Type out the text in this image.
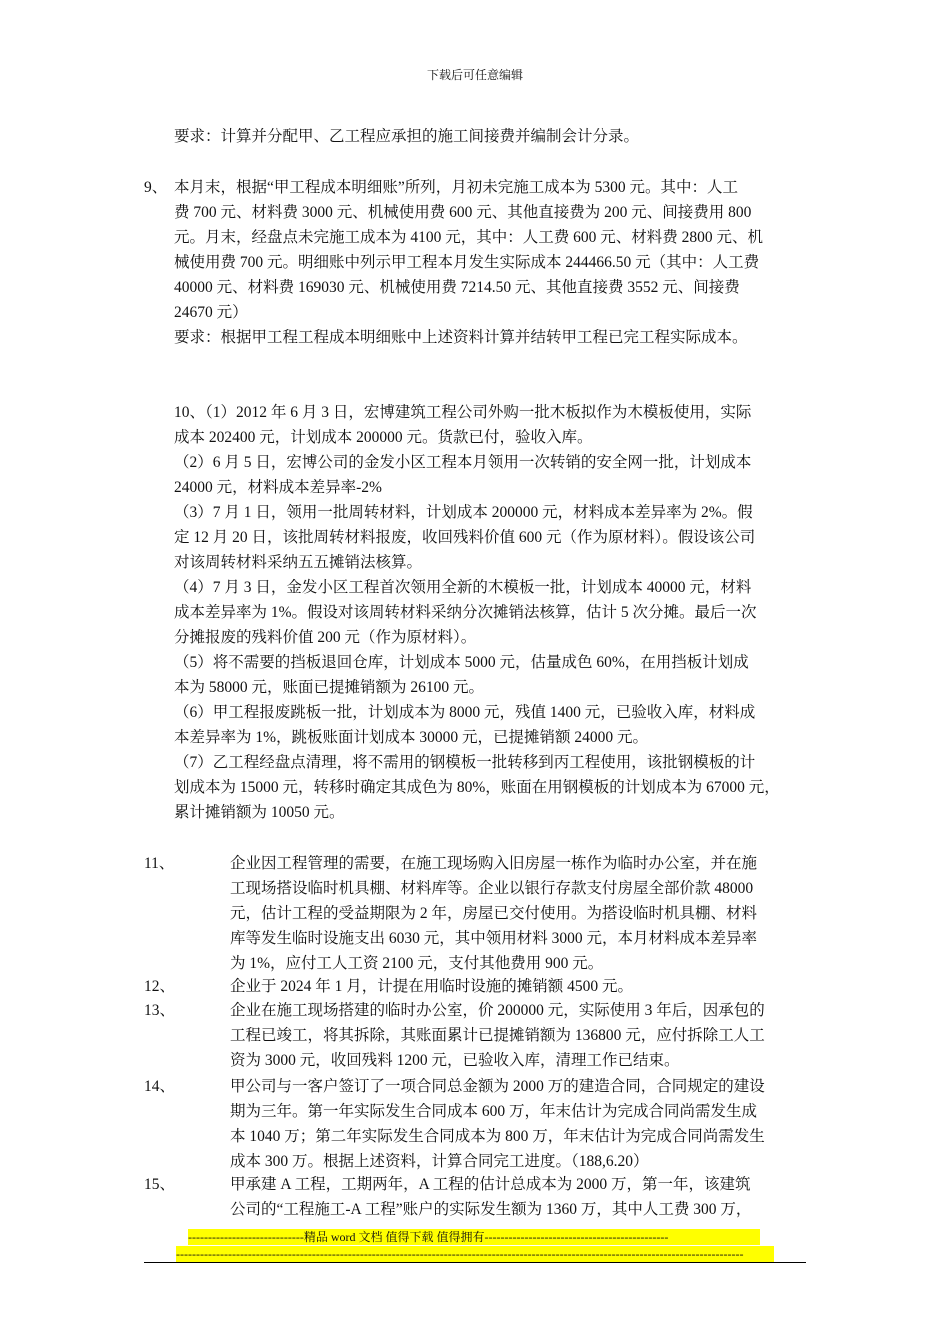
下载后可任意编辑
要求：计算并分配甲、乙工程应承担的施工间接费并编制会计分录。
9、 本月末，根据“甲工程成本明细账”所列，月初未完施工成本为 5300 元。其中：人工
费 700 元、材料费 3000 元、机械使用费 600 元、其他直接费为 200 元、间接费用 800
元。月末，经盘点未完施工成本为 4100 元，其中：人工费 600 元、材料费 2800 元、机
械使用费 700 元。明细账中列示甲工程本月发生实际成本 244466.50 元（其中：人工费
40000 元、材料费 169030 元、机械使用费 7214.50 元、其他直接费 3552 元、间接费
24670 元）
要求：根据甲工程工程成本明细账中上述资料计算并结转甲工程已完工程实际成本。
10、（1）2012 年 6 月 3 日，宏博建筑工程公司外购一批木板拟作为木模板使用，实际
成本 202400 元，计划成本 200000 元。货款已付，验收入库。
（2）6 月 5 日，宏博公司的金发小区工程本月领用一次转销的安全网一批，计划成本
24000 元，材料成本差异率-2%
（3）7 月 1 日，领用一批周转材料，计划成本 200000 元，材料成本差异率为 2%。假
定 12 月 20 日，该批周转材料报废，收回残料价值 600 元（作为原材料）。假设该公司
对该周转材料采纳五五摊销法核算。
（4）7 月 3 日，金发小区工程首次领用全新的木模板一批，计划成本 40000 元，材料
成本差异率为 1%。假设对该周转材料采纳分次摊销法核算，估计 5 次分摊。最后一次
分摊报废的残料价值 200 元（作为原材料）。
（5）将不需要的挡板退回仓库，计划成本 5000 元，估量成色 60%，在用挡板计划成
本为 58000 元，账面已提摊销额为 26100 元。
（6）甲工程报废跳板一批，计划成本为 8000 元，残值 1400 元，已验收入库，材料成
本差异率为 1%，跳板账面计划成本 30000 元，已提摊销额 24000 元。
（7）乙工程经盘点清理，将不需用的钢模板一批转移到丙工程使用，该批钢模板的计
划成本为 15000 元，转移时确定其成色为 80%，账面在用钢模板的计划成本为 67000 元，
累计摊销额为 10050 元。
11、	企业因工程管理的需要，在施工现场购入旧房屋一栋作为临时办公室，并在施
工现场搭设临时机具棚、材料库等。企业以银行存款支付房屋全部价款 48000
元，估计工程的受益期限为 2 年，房屋已交付使用。为搭设临时机具棚、材料
库等发生临时设施支出 6030 元，其中领用材料 3000 元，本月材料成本差异率
为 1%，应付工人工资 2100 元，支付其他费用 900 元。
12、	企业于 2024 年 1 月，计提在用临时设施的摊销额 4500 元。
13、	企业在施工现场搭建的临时办公室，价 200000 元，实际使用 3 年后，因承包的
工程已竣工，将其拆除，其账面累计已提摊销额为 136800 元，应付拆除工人工
资为 3000 元，收回残料 1200 元，已验收入库，清理工作已结束。
14、	甲公司与一客户签订了一项合同总金额为 2000 万的建造合同，合同规定的建设
期为三年。第一年实际发生合同成本 600 万，年末估计为完成合同尚需发生成
本 1040 万；第二年实际发生合同成本为 800 万，年末估计为完成合同尚需发生
成本 300 万。根据上述资料，计算合同完工进度。（188,6.20）
15、	甲承建 A 工程，工期两年，A 工程的估计总成本为 2000 万，第一年，该建筑
公司的“工程施工-A 工程”账户的实际发生额为 1360 万，其中人工费 300 万，
-----------------------------精品 word 文档 值得下载 值得拥有----------------------------------------------
----------------------------------------------------------------------------------------------------------------------------------------------
